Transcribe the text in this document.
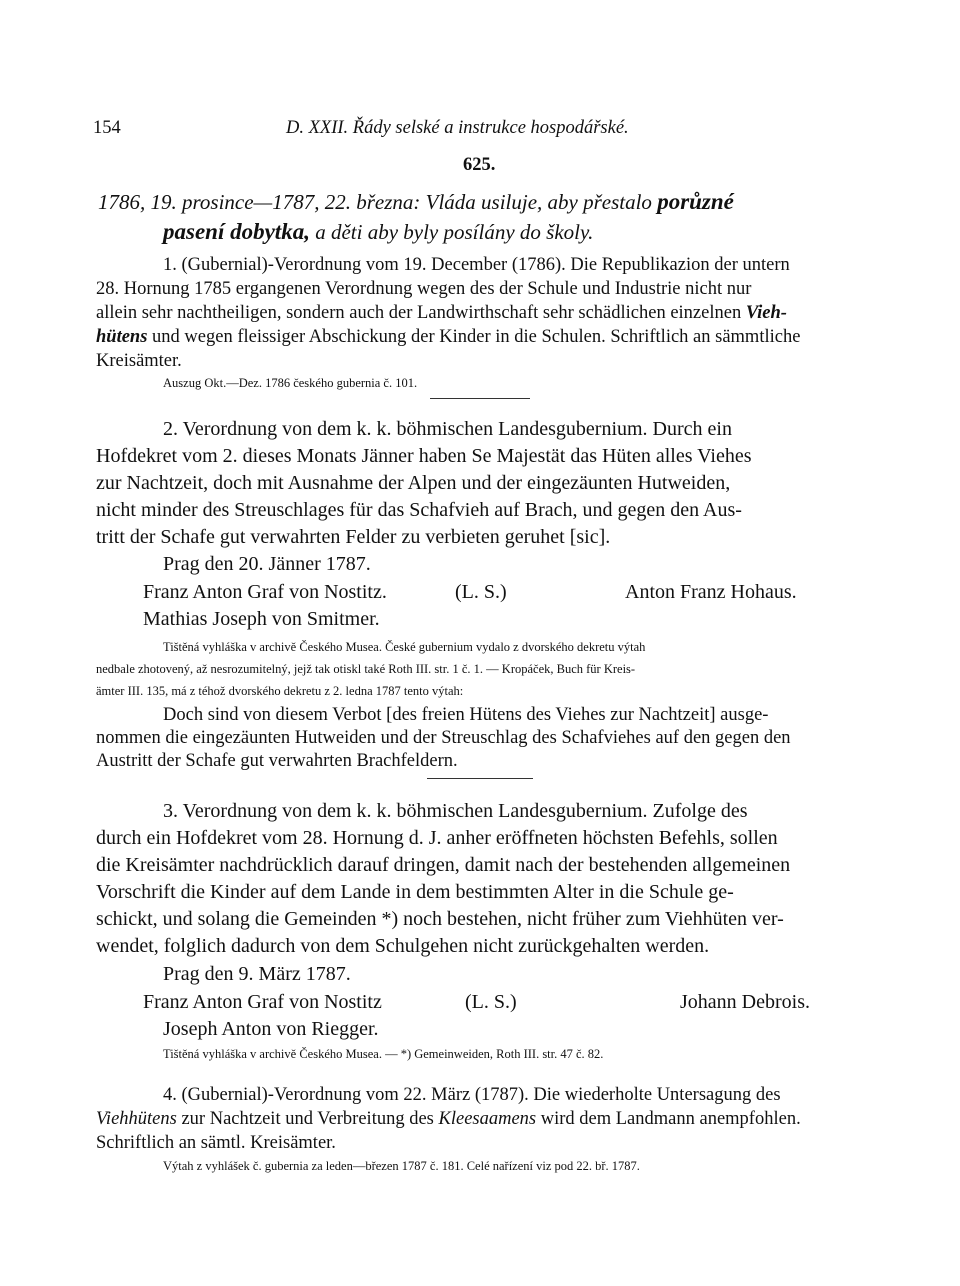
154	D. XXII. Řády selské a instrukce hospodářské.
625.
1786, 19. prosince—1787, 22. března: Vláda usiluje, aby přestalo porůzné
pasení dobytka, a děti aby byly posílány do školy.
1. (Gubernial)-Verordnung vom 19. December (1786). Die Republikazion der untern
28. Hornung 1785 ergangenen Verordnung wegen des der Schule und Industrie nicht nur
allein sehr nachtheiligen, sondern auch der Landwirthschaft sehr schädlichen einzelnen Vieh-
hütens und wegen fleissiger Abschickung der Kinder in die Schulen. Schriftlich an sämmtliche
Kreisämter.
Auszug Okt.—Dez. 1786 českého gubernia č. 101.
2. Verordnung von dem k. k. böhmischen Landesgubernium. Durch ein
Hofdekret vom 2. dieses Monats Jänner haben Se Majestät das Hüten alles Viehes
zur Nachtzeit, doch mit Ausnahme der Alpen und der eingezäunten Hutweiden,
nicht minder des Streuschlages für das Schafvieh auf Brach, und gegen den Aus-
tritt der Schafe gut verwahrten Felder zu verbieten geruhet [sic].
Prag den 20. Jänner 1787.
Franz Anton Graf von Nostitz.	(L. S.)	Anton Franz Hohaus.
Mathias Joseph von Smitmer.
Tištěná vyhláška v archivě Českého Musea. České gubernium vydalo z dvorského dekretu výtah
nedbale zhotovený, až nesrozumitelný, jejž tak otiskl také Roth III. str. 1 č. 1. — Kropáček, Buch für Kreis-
ämter III. 135, má z téhož dvorského dekretu z 2. ledna 1787 tento výtah:
Doch sind von diesem Verbot [des freien Hütens des Viehes zur Nachtzeit] ausge-
nommen die eingezäunten Hutweiden und der Streuschlag des Schafviehes auf den gegen den
Austritt der Schafe gut verwahrten Brachfeldern.
3. Verordnung von dem k. k. böhmischen Landesgubernium. Zufolge des
durch ein Hofdekret vom 28. Hornung d. J. anher eröffneten höchsten Befehls, sollen
die Kreisämter nachdrücklich darauf dringen, damit nach der bestehenden allgemeinen
Vorschrift die Kinder auf dem Lande in dem bestimmten Alter in die Schule ge-
schickt, und solang die Gemeinden *) noch bestehen, nicht früher zum Viehhüten ver-
wendet, folglich dadurch von dem Schulgehen nicht zurückgehalten werden.
Prag den 9. März 1787.
Franz Anton Graf von Nostitz	(L. S.)	Johann Debrois.
Joseph Anton von Riegger.
Tištěná vyhláška v archivě Českého Musea. — *) Gemeinweiden, Roth III. str. 47 č. 82.
4. (Gubernial)-Verordnung vom 22. März (1787). Die wiederholte Untersagung des
Viehhütens zur Nachtzeit und Verbreitung des Kleesaamens wird dem Landmann anempfohlen.
Schriftlich an sämtl. Kreisämter.
Výtah z vyhlášek č. gubernia za leden—březen 1787 č. 181. Celé nařízení viz pod 22. bř. 1787.
